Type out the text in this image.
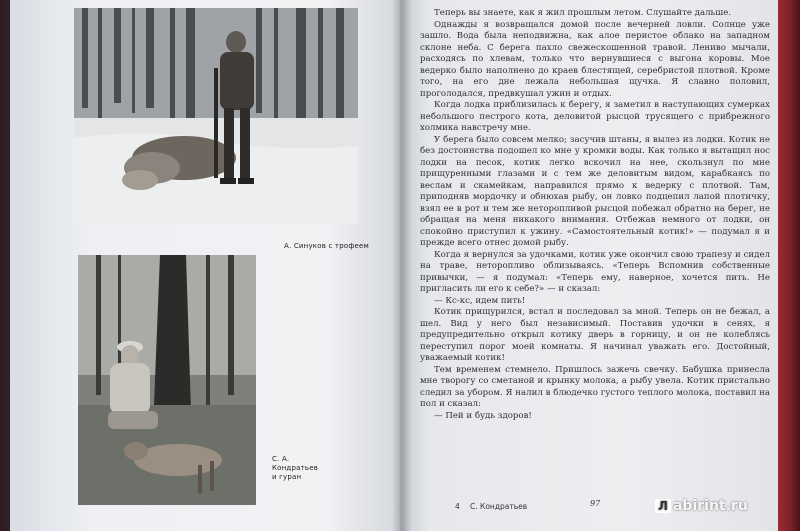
А. Синуков с трофеем
С. А. Кондратьев
и гуран

Теперь вы знаете, как я жил прошлым летом. Слушайте дальше.

Однажды я возвращался домой после вечерней ловли. Солнце уже зашло. Вода была неподвижна, как алое перистое облако на западном склоне неба. С берега пахло свежескошенной травой. Лениво мычали, расходясь по хлевам, только что вернувшиеся с выгона коровы. Мое ведерко было наполнено до краев блестящей, серебристой плотвой. Кроме того, на его дне лежала небольшая щучка. Я славно половил, проголодался, предвкушал ужин и отдых.

Когда лодка приблизилась к берегу, я заметил в наступающих сумерках небольшого пестрого кота, деловитой рысцой трусящего с прибрежного холмика навстречу мне.

У берега было совсем мелко; засучив штаны, я вылез из лодки. Котик не без достоинства подошел ко мне у кромки воды. Как только я вытащил нос лодки на песок, котик легко вскочил на нее, скользнул по мне прищуренными глазами и с тем же деловитым видом, карабкаясь по веслам и скамейкам, направился прямо к ведерку с плотвой. Там, приподняв мордочку и обнюхав рыбу, он ловко подцепил лапой плотичку, взял ее в рот и тем же неторопливой рысцой побежал обратно на берег, не обращая на меня никакого внимания. Отбежав немного от лодки, он спокойно приступил к ужину. «Самостоятельный котик!» — подумал я и прежде всего отнес домой рыбу.

Когда я вернулся за удочками, котик уже окончил свою трапезу и сидел на траве, неторопливо облизываясь. «Теперь Вспомнив собственные привычки, — я подумал: «Теперь ему, наверное, хочется пить. Не пригласить ли его к себе?» — и сказал:

— Кс-кс, идем пить!

Котик прищурился, встал и последовал за мной. Теперь он не бежал, а шел. Вид у него был независимый. Поставив удочки в сенях, я предупредительно открыл котику дверь в горницу, и он не колеблясь переступил порог моей комнаты. Я начинал уважать его. Достойный, уважаемый котик!

Тем временем стемнело. Пришлось зажечь свечку. Бабушка принесла мне творогу со сметаной и крынку молока, а рыбу увела. Котик пристально следил за убором. Я налил в блюдечко густого теплого молока, поставил на пол и сказал:

— Пей и будь здоров!

4 С. Кондратьев	97	Л abirint.ru
